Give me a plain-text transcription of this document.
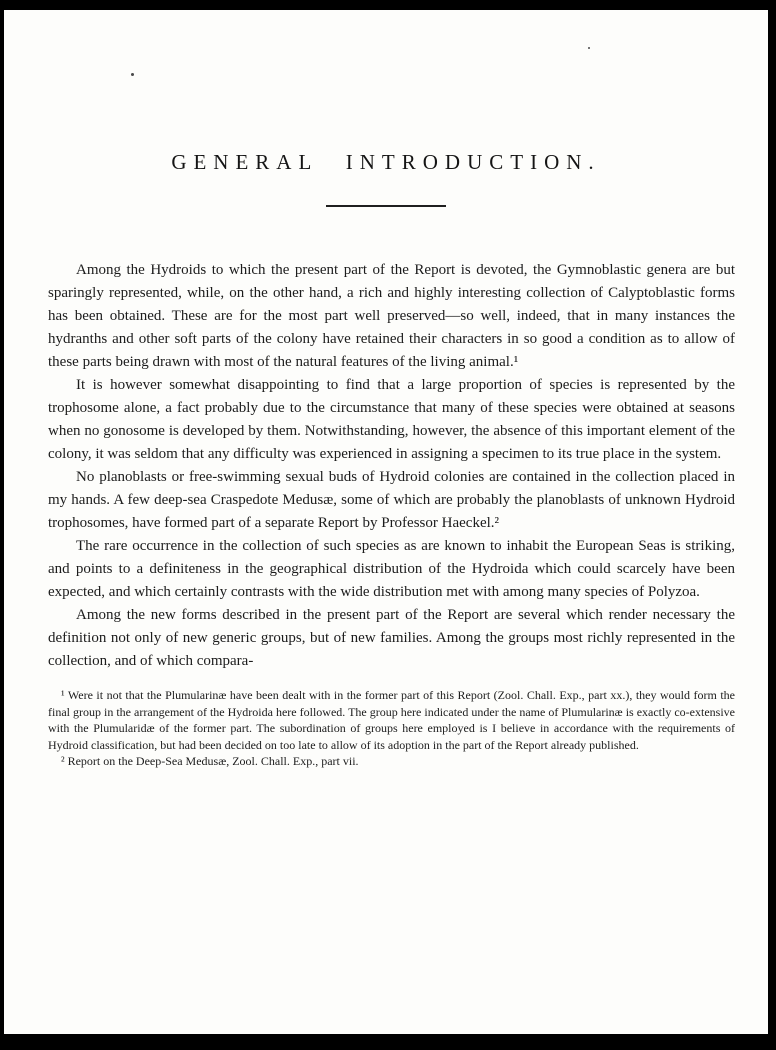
GENERAL INTRODUCTION.

Among the Hydroids to which the present part of the Report is devoted, the Gymnoblastic genera are but sparingly represented, while, on the other hand, a rich and highly interesting collection of Calyptoblastic forms has been obtained. These are for the most part well preserved—so well, indeed, that in many instances the hydranths and other soft parts of the colony have retained their characters in so good a condition as to allow of these parts being drawn with most of the natural features of the living animal.¹

It is however somewhat disappointing to find that a large proportion of species is represented by the trophosome alone, a fact probably due to the circumstance that many of these species were obtained at seasons when no gonosome is developed by them. Notwithstanding, however, the absence of this important element of the colony, it was seldom that any difficulty was experienced in assigning a specimen to its true place in the system.

No planoblasts or free-swimming sexual buds of Hydroid colonies are contained in the collection placed in my hands. A few deep-sea Craspedote Medusæ, some of which are probably the planoblasts of unknown Hydroid trophosomes, have formed part of a separate Report by Professor Haeckel.²

The rare occurrence in the collection of such species as are known to inhabit the European Seas is striking, and points to a definiteness in the geographical distribution of the Hydroida which could scarcely have been expected, and which certainly contrasts with the wide distribution met with among many species of Polyzoa.

Among the new forms described in the present part of the Report are several which render necessary the definition not only of new generic groups, but of new families. Among the groups most richly represented in the collection, and of which compara-

¹ Were it not that the Plumularinæ have been dealt with in the former part of this Report (Zool. Chall. Exp., part xx.), they would form the final group in the arrangement of the Hydroida here followed. The group here indicated under the name of Plumularinæ is exactly co-extensive with the Plumularidæ of the former part. The subordination of groups here employed is I believe in accordance with the requirements of Hydroid classification, but had been decided on too late to allow of its adoption in the part of the Report already published.

² Report on the Deep-Sea Medusæ, Zool. Chall. Exp., part vii.
